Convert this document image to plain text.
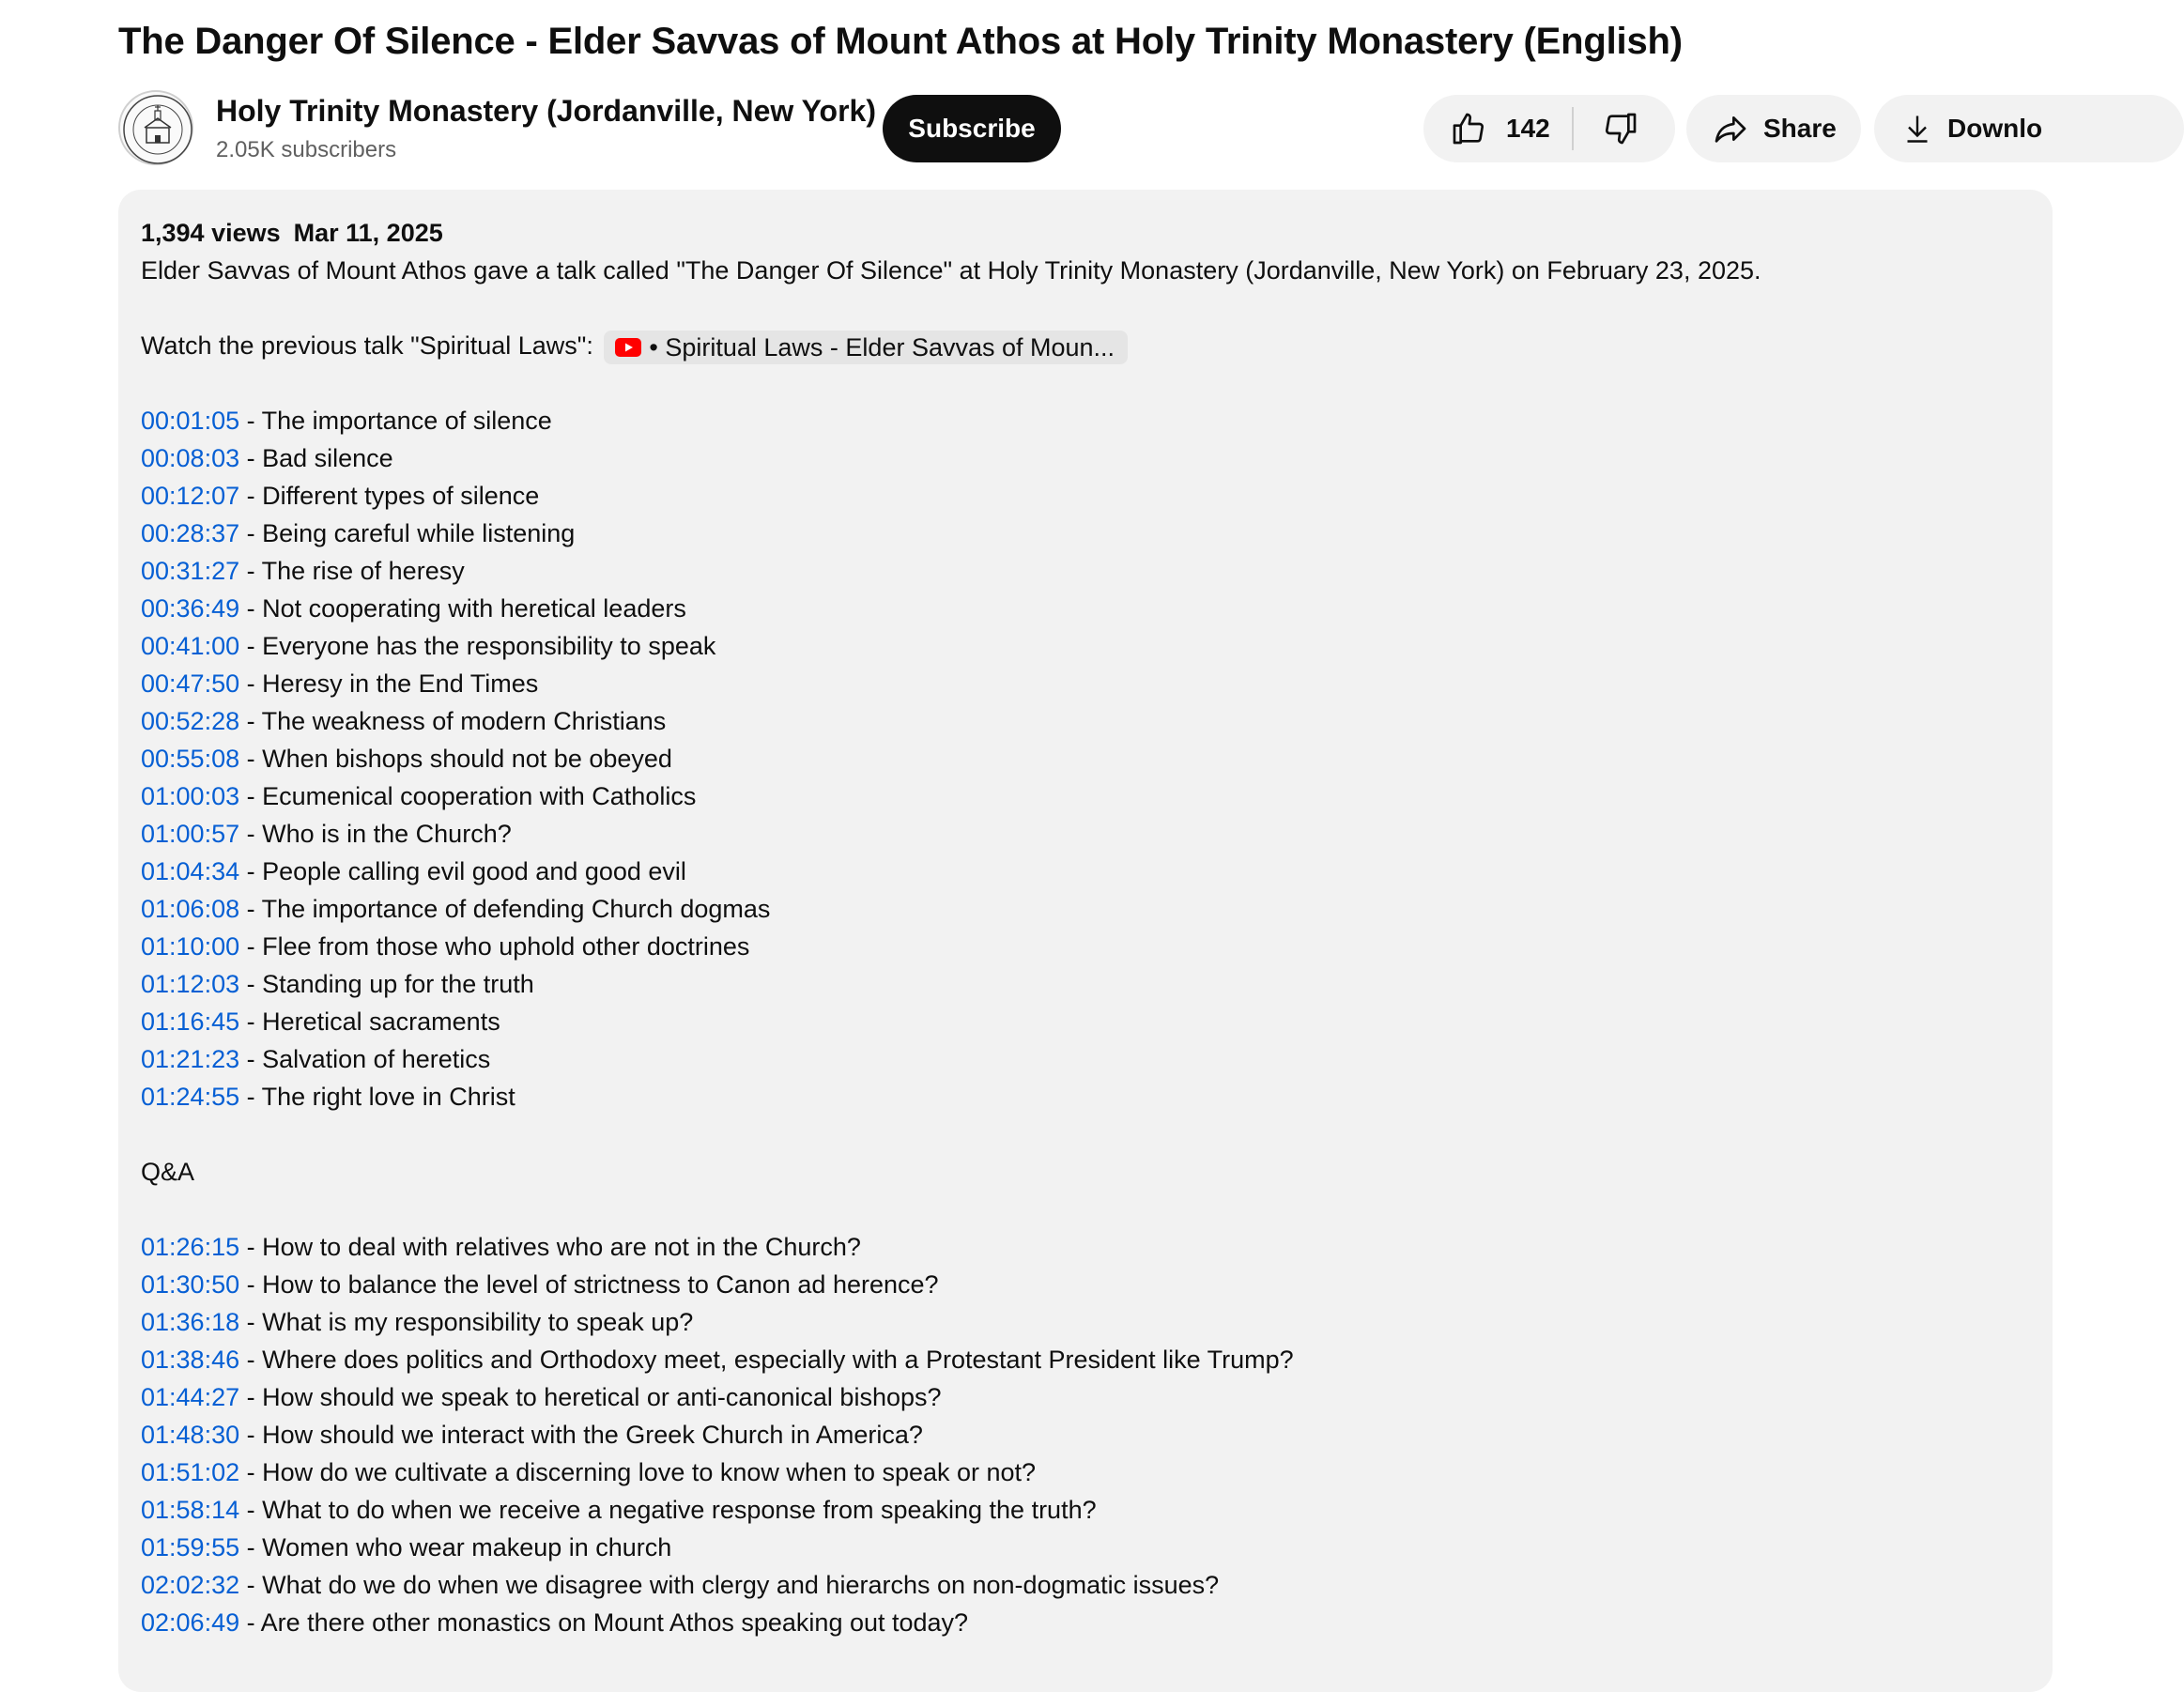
The Danger Of Silence - Elder Savvas of Mount Athos at Holy Trinity Monastery (English)
Holy Trinity Monastery (Jordanville, New York)
2.05K subscribers
Subscribe	142	Share	Downlo
1,394 views Mar 11, 2025
Elder Savvas of Mount Athos gave a talk called "The Danger Of Silence" at Holy Trinity Monastery (Jordanville, New York) on February 23, 2025.
Watch the previous talk "Spiritual Laws": • Spiritual Laws - Elder Savvas of Moun...
00:01:05 - The importance of silence
00:08:03 - Bad silence
00:12:07 - Different types of silence
00:28:37 - Being careful while listening
00:31:27 - The rise of heresy
00:36:49 - Not cooperating with heretical leaders
00:41:00 - Everyone has the responsibility to speak
00:47:50 - Heresy in the End Times
00:52:28 - The weakness of modern Christians
00:55:08 - When bishops should not be obeyed
01:00:03 - Ecumenical cooperation with Catholics
01:00:57 - Who is in the Church?
01:04:34 - People calling evil good and good evil
01:06:08 - The importance of defending Church dogmas
01:10:00 - Flee from those who uphold other doctrines
01:12:03 - Standing up for the truth
01:16:45 - Heretical sacraments
01:21:23 - Salvation of heretics
01:24:55 - The right love in Christ
Q&A
01:26:15 - How to deal with relatives who are not in the Church?
01:30:50 - How to balance the level of strictness to Canon ad herence?
01:36:18 - What is my responsibility to speak up?
01:38:46 - Where does politics and Orthodoxy meet, especially with a Protestant President like Trump?
01:44:27 - How should we speak to heretical or anti-canonical bishops?
01:48:30 - How should we interact with the Greek Church in America?
01:51:02 - How do we cultivate a discerning love to know when to speak or not?
01:58:14 - What to do when we receive a negative response from speaking the truth?
01:59:55 - Women who wear makeup in church
02:02:32 - What do we do when we disagree with clergy and hierarchs on non-dogmatic issues?
02:06:49 - Are there other monastics on Mount Athos speaking out today?
